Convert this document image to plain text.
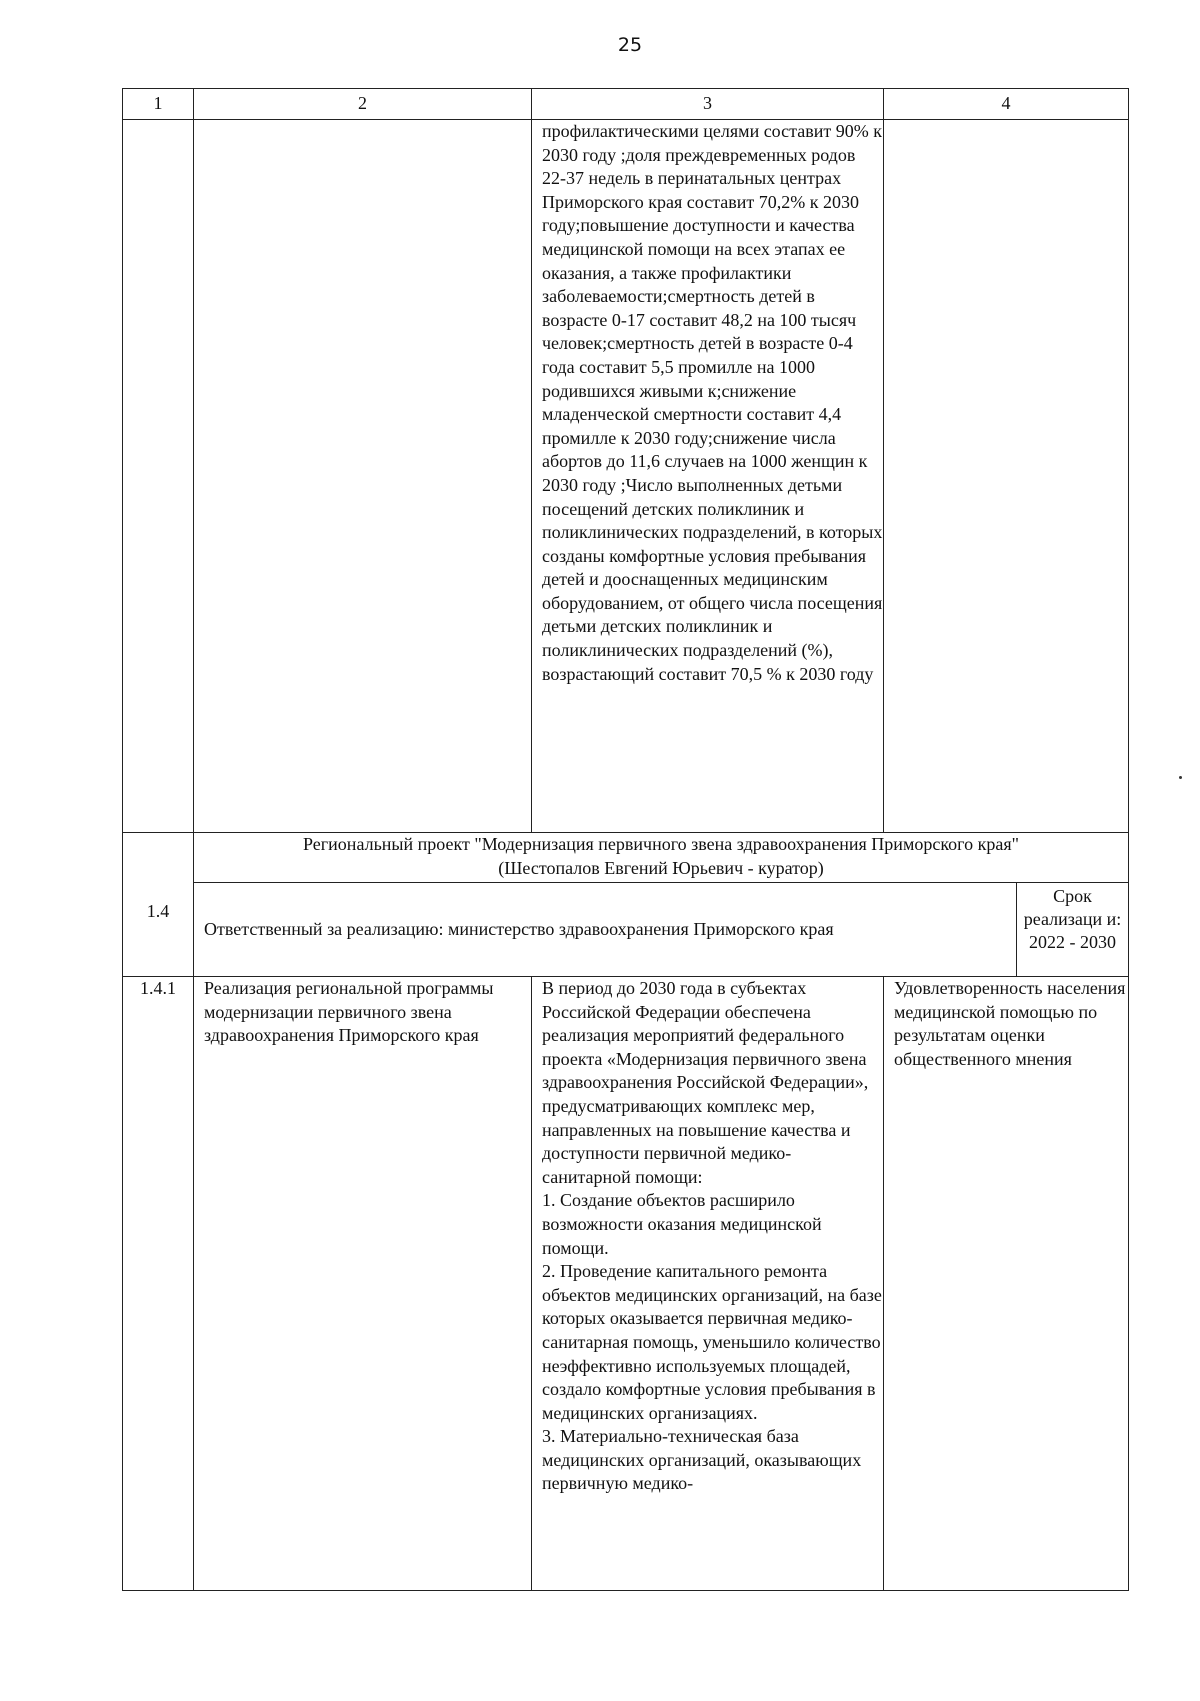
25
1	2	3	4	
		профилактическими целями составит 90% к 2030 году ;доля преждевременных родов 22-37 недель в перинатальных центрах Приморского края составит 70,2% к 2030 году;повышение доступности и качества медицинской помощи на всех этапах ее оказания, а также профилактики заболеваемости;смертность детей в возрасте 0-17 составит 48,2 на 100 тысяч человек;смертность детей в возрасте 0-4 года составит 5,5 промилле на 1000 родившихся живыми к;снижение младенческой смертности составит 4,4 промилле к 2030 году;снижение числа абортов до 11,6 случаев на 1000 женщин к 2030 году ;Число выполненных детьми посещений детских поликлиник и поликлинических подразделений, в которых созданы комфортные условия пребывания детей и дооснащенных медицинским оборудованием, от общего числа посещения детьми детских поликлиник и поликлинических подразделений (%), возрастающий составит 70,5 % к 2030 году		

1.4	Региональный проект "Модернизация первичного звена здравоохранения Приморского края"
(Шестопалов Евгений Юрьевич - куратор)			

	Ответственный за реализацию: министерство здравоохранения Приморского края			Срок реализаци и: 2022 - 2030

1.4.1	Реализация региональной программы модернизации первичного звена здравоохранения Приморского края	В период до 2030 года в субъектах Российской Федерации обеспечена реализация мероприятий федерального проекта «Модернизация первичного звена здравоохранения Российской Федерации», предусматривающих комплекс мер, направленных на повышение качества и доступности первичной медико- санитарной помощи:
1. Создание объектов расширило возможности оказания медицинской помощи.
2. Проведение капитального ремонта объектов медицинских организаций, на базе которых оказывается первичная медико- санитарная помощь, уменьшило количество неэффективно используемых площадей, создало комфортные условия пребывания в медицинских организациях.
3. Материально-техническая база медицинских организаций, оказывающих первичную медико-	Удовлетворенность населения медицинской помощью по результатам оценки общественного мнения	
